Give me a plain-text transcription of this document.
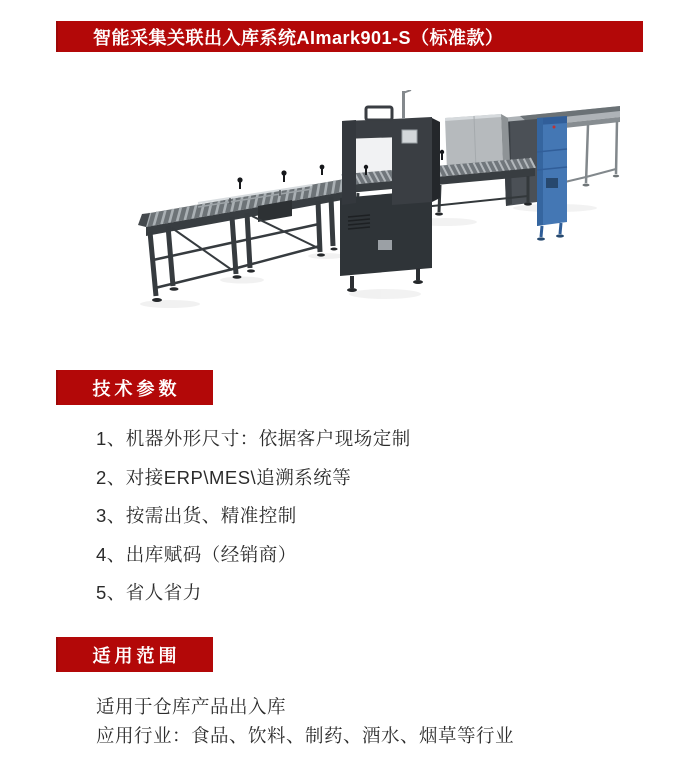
智能采集关联出入库系统AImark901-S（标准款）
技术参数
1、机器外形尺寸：依据客户现场定制
2、对接ERP\MES\追溯系统等
3、按需出货、精准控制
4、出库赋码（经销商）
5、省人省力
适用范围

适用于仓库产品出入库

应用行业：食品、饮料、制药、酒水、烟草等行业
